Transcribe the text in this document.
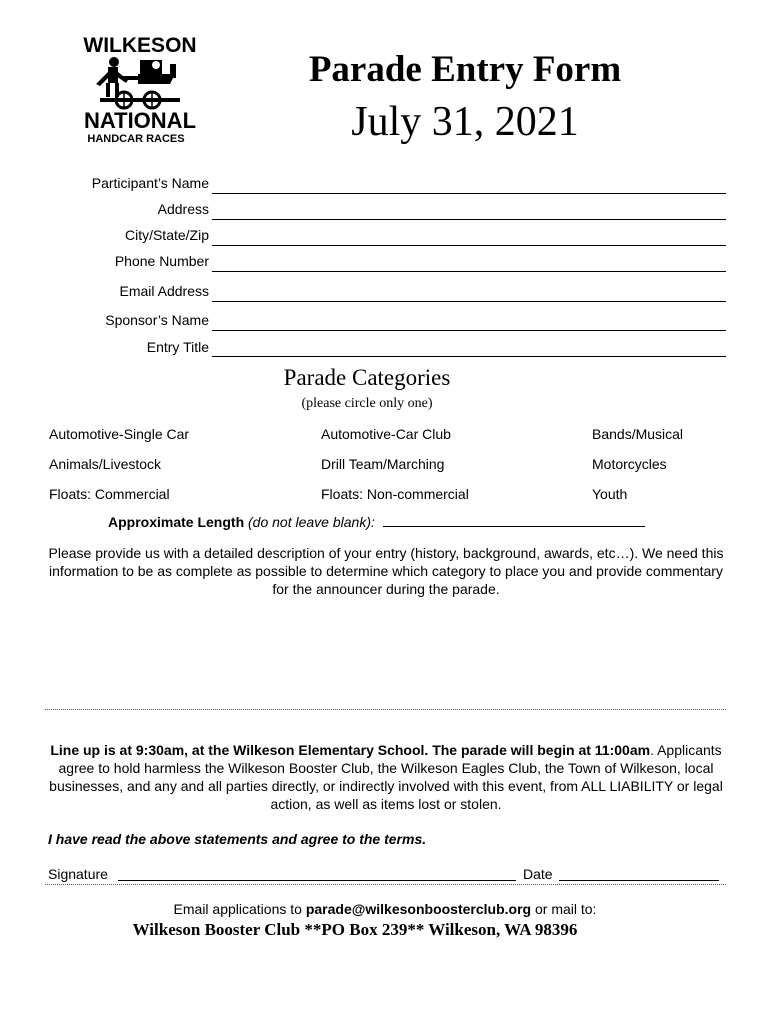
WILKESON
NATIONAL
HANDCAR RACES
Parade Entry Form
July 31, 2021
Participant’s Name
Address
City/State/Zip
Phone Number
Email Address
Sponsor’s Name
Entry Title
Parade Categories
(please circle only one)
Automotive-Single Car	Automotive-Car Club	Bands/Musical
Animals/Livestock	Drill Team/Marching	Motorcycles
Floats: Commercial	Floats: Non-commercial	Youth
Approximate Length (do not leave blank):
Please provide us with a detailed description of your entry (history, background, awards, etc…). We need this information to be as complete as possible to determine which category to place you and provide commentary for the announcer during the parade.
Line up is at 9:30am, at the Wilkeson Elementary School. The parade will begin at 11:00am. Applicants agree to hold harmless the Wilkeson Booster Club, the Wilkeson Eagles Club, the Town of Wilkeson, local businesses, and any and all parties directly, or indirectly involved with this event, from ALL LIABILITY or legal action, as well as items lost or stolen.
I have read the above statements and agree to the terms.
Signature	Date
Email applications to parade@wilkesonboosterclub.org or mail to:
Wilkeson Booster Club **PO Box 239** Wilkeson, WA 98396
